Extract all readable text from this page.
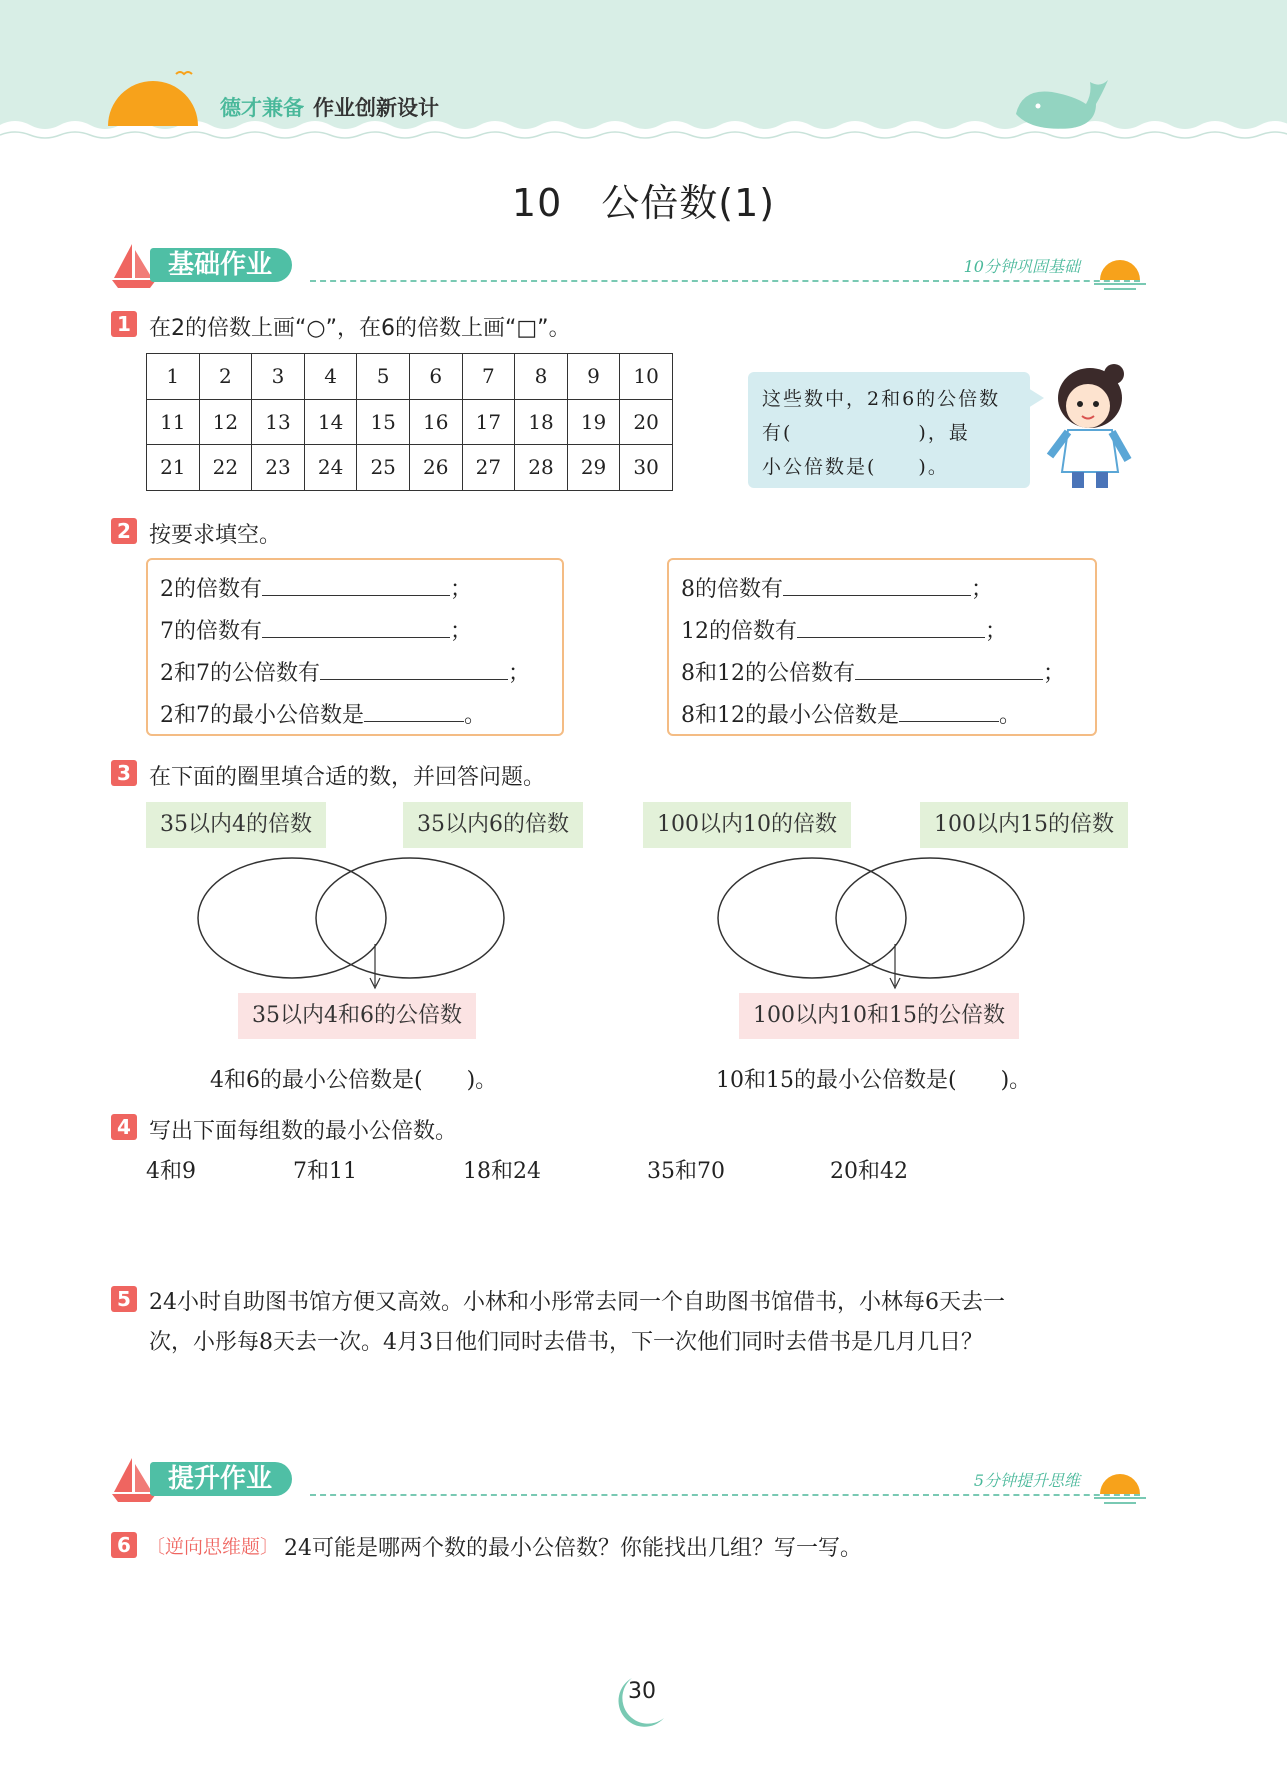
德才兼备 作业创新设计
10　公倍数(1)
基础作业	10分钟巩固基础
1 在2的倍数上画“○”，在6的倍数上画“□”。
1	2	3	4	5	6	7	8	9	10
11	12	13	14	15	16	17	18	19	20
21	22	23	24	25	26	27	28	29	30

这些数中，2和6的公倍数

有(　　　　　　)，最

小公倍数是(　　)。

2 按要求填空。
2的倍数有	；
7的倍数有	；
2和7的公倍数有	；
2和7的最小公倍数是	。
8的倍数有	；
12的倍数有	；
8和12的公倍数有	；
8和12的最小公倍数是	。
3 在下面的圈里填合适的数，并回答问题。
35以内4的倍数	35以内6的倍数
35以内4和6的公倍数
4和6的最小公倍数是(　　)。
100以内10的倍数	100以内15的倍数
100以内10和15的公倍数
10和15的最小公倍数是(　　)。
4 写出下面每组数的最小公倍数。
4和9	7和11	18和24	35和70	20和42
5 24小时自助图书馆方便又高效。小林和小彤常去同一个自助图书馆借书，小林每6天去一
次，小彤每8天去一次。4月3日他们同时去借书，下一次他们同时去借书是几月几日？
提升作业	5分钟提升思维
6 〔逆向思维题〕 24可能是哪两个数的最小公倍数？你能找出几组？写一写。
30
